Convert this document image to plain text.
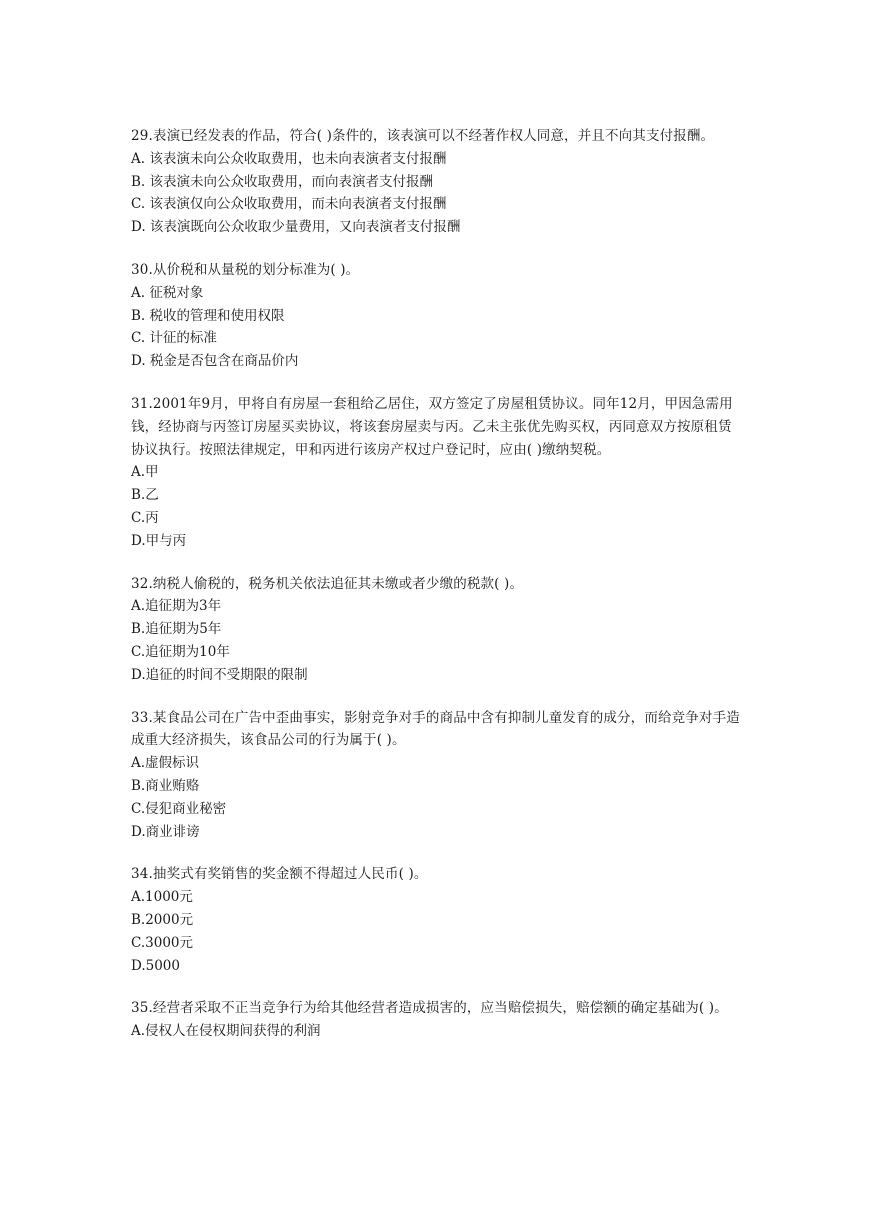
29.表演已经发表的作品，符合( )条件的，该表演可以不经著作权人同意，并且不向其支付报酬。

A. 该表演未向公众收取费用，也未向表演者支付报酬

B. 该表演未向公众收取费用，而向表演者支付报酬

C. 该表演仅向公众收取费用，而未向表演者支付报酬

D. 该表演既向公众收取少量费用，又向表演者支付报酬

30.从价税和从量税的划分标准为( )。

A. 征税对象

B. 税收的管理和使用权限

C. 计征的标准

D. 税金是否包含在商品价内

31.2001年9月，甲将自有房屋一套租给乙居住，双方签定了房屋租赁协议。同年12月，甲因急需用钱，经协商与丙签订房屋买卖协议，将该套房屋卖与丙。乙未主张优先购买权，丙同意双方按原租赁协议执行。按照法律规定，甲和丙进行该房产权过户登记时，应由( )缴纳契税。

A.甲

B.乙

C.丙

D.甲与丙

32.纳税人偷税的，税务机关依法追征其未缴或者少缴的税款( )。

A.追征期为3年

B.追征期为5年

C.追征期为10年

D.追征的时间不受期限的限制

33.某食品公司在广告中歪曲事实，影射竞争对手的商品中含有抑制儿童发育的成分，而给竞争对手造成重大经济损失，该食品公司的行为属于( )。

A.虚假标识

B.商业贿赂

C.侵犯商业秘密

D.商业诽谤

34.抽奖式有奖销售的奖金额不得超过人民币( )。

A.1000元

B.2000元

C.3000元

D.5000

35.经营者采取不正当竞争行为给其他经营者造成损害的，应当赔偿损失，赔偿额的确定基础为( )。

A.侵权人在侵权期间获得的利润
